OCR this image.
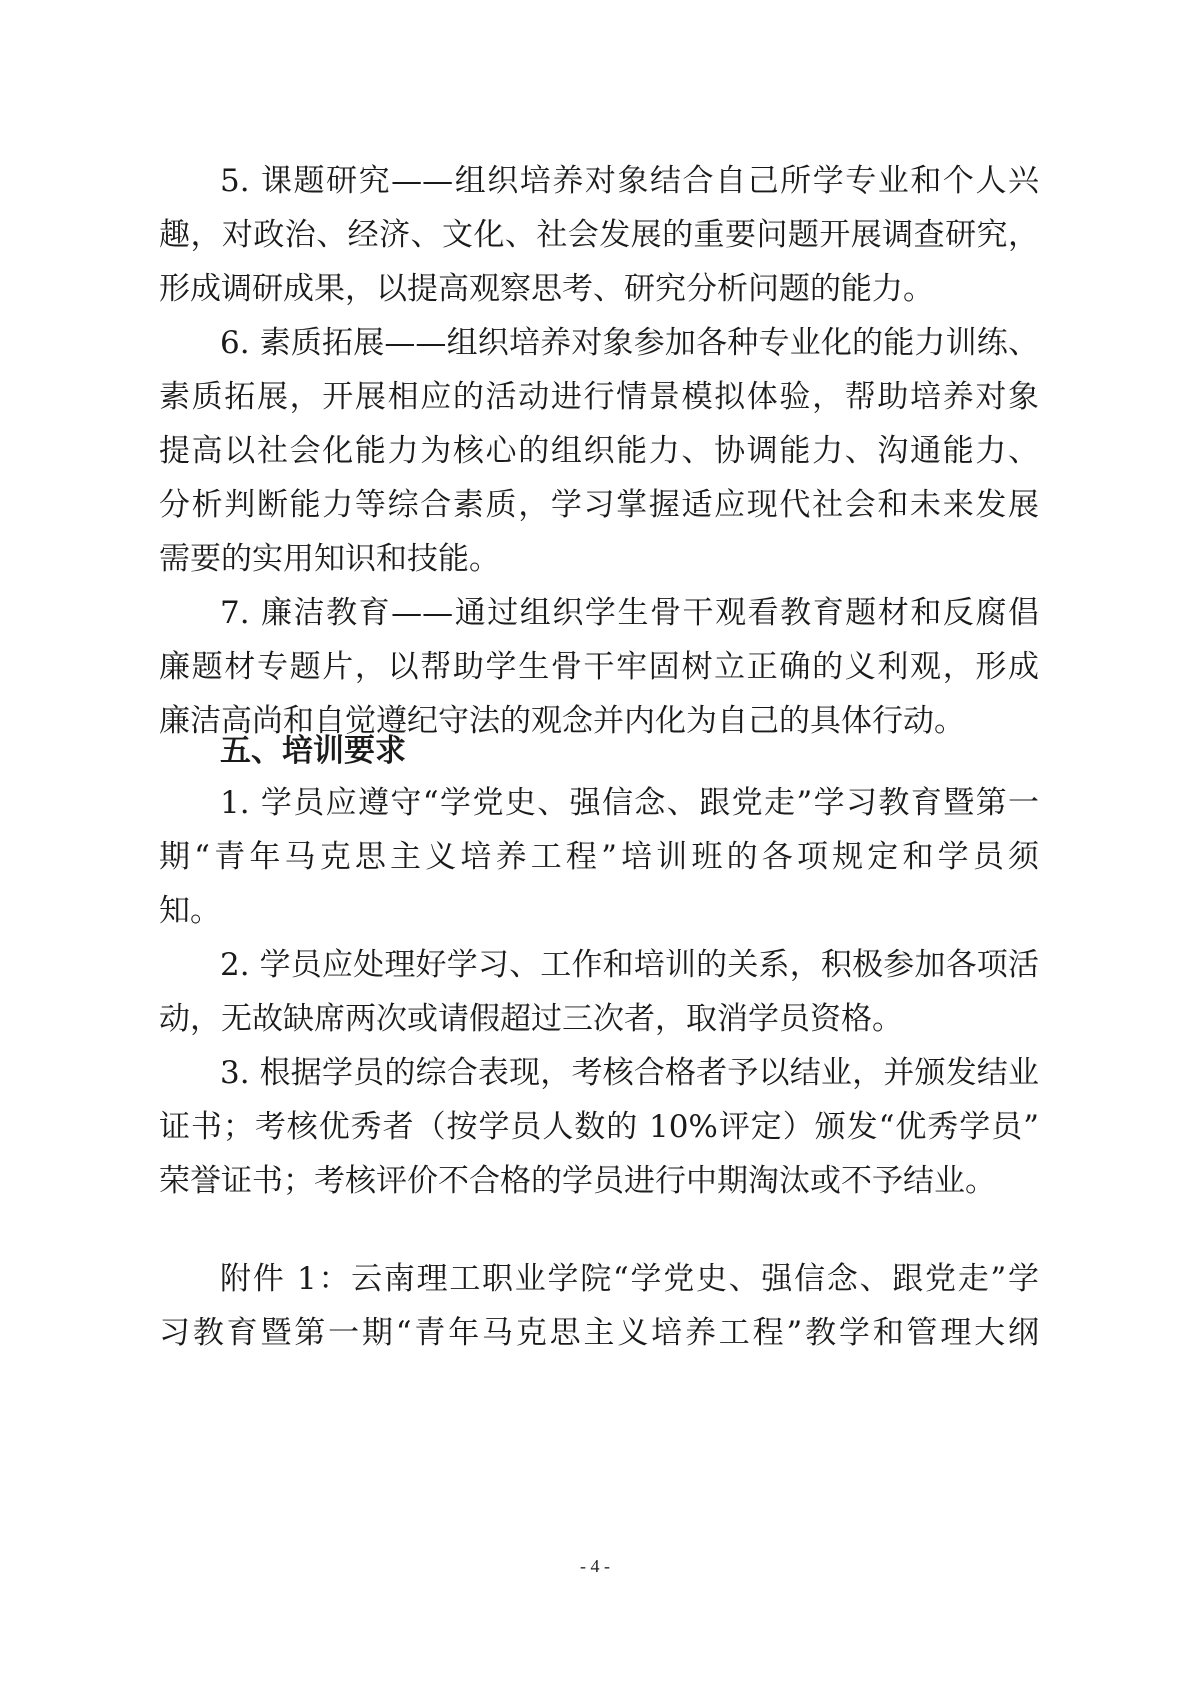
5. 课题研究——组织培养对象结合自己所学专业和个人兴
趣，对政治、经济、文化、社会发展的重要问题开展调查研究，
形成调研成果，以提高观察思考、研究分析问题的能力。
6. 素质拓展——组织培养对象参加各种专业化的能力训练、
素质拓展，开展相应的活动进行情景模拟体验，帮助培养对象
提高以社会化能力为核心的组织能力、协调能力、沟通能力、
分析判断能力等综合素质，学习掌握适应现代社会和未来发展
需要的实用知识和技能。
7. 廉洁教育——通过组织学生骨干观看教育题材和反腐倡
廉题材专题片，以帮助学生骨干牢固树立正确的义利观，形成
廉洁高尚和自觉遵纪守法的观念并内化为自己的具体行动。
五、培训要求
1. 学员应遵守“学党史、强信念、跟党走”学习教育暨第一
期“青年马克思主义培养工程”培训班的各项规定和学员须
知。
2. 学员应处理好学习、工作和培训的关系，积极参加各项活
动，无故缺席两次或请假超过三次者，取消学员资格。
3. 根据学员的综合表现，考核合格者予以结业，并颁发结业
证书；考核优秀者（按学员人数的 10%评定）颁发“优秀学员”
荣誉证书；考核评价不合格的学员进行中期淘汰或不予结业。
附件 1：云南理工职业学院“学党史、强信念、跟党走”学
习教育暨第一期“青年马克思主义培养工程”教学和管理大纲
- 4 -
